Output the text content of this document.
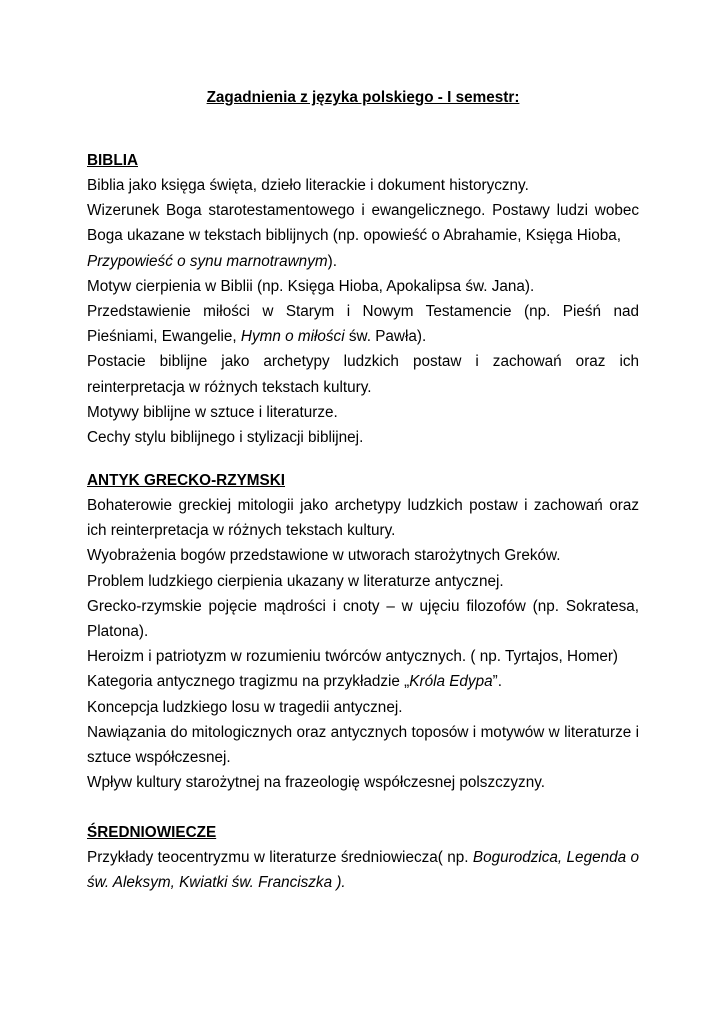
Zagadnienia z języka polskiego - I semestr:
BIBLIA

Biblia jako księga święta, dzieło literackie i dokument historyczny.

Wizerunek Boga starotestamentowego i ewangelicznego. Postawy ludzi wobec Boga ukazane w tekstach biblijnych (np. opowieść o Abrahamie, Księga Hioba,
Przypowieść o synu marnotrawnym).

Motyw cierpienia w Biblii (np. Księga Hioba, Apokalipsa św. Jana).

Przedstawienie miłości w Starym i Nowym Testamencie (np. Pieśń nad Pieśniami, Ewangelie, Hymn o miłości św. Pawła).

Postacie biblijne jako archetypy ludzkich postaw i zachowań oraz ich reinterpretacja w różnych tekstach kultury.

Motywy biblijne w sztuce i literaturze.

Cechy stylu biblijnego i stylizacji biblijnej.

ANTYK GRECKO-RZYMSKI

Bohaterowie greckiej mitologii jako archetypy ludzkich postaw i zachowań oraz ich reinterpretacja w różnych tekstach kultury.

Wyobrażenia bogów przedstawione w utworach starożytnych Greków.

Problem ludzkiego cierpienia ukazany w literaturze antycznej.

Grecko-rzymskie pojęcie mądrości i cnoty – w ujęciu filozofów (np. Sokratesa, Platona).

Heroizm i patriotyzm w rozumieniu twórców antycznych. ( np. Tyrtajos, Homer)

Kategoria antycznego tragizmu na przykładzie „Króla Edypa”.

Koncepcja ludzkiego losu w tragedii antycznej.

Nawiązania do mitologicznych oraz antycznych toposów i motywów w literaturze i sztuce współczesnej.

Wpływ kultury starożytnej na frazeologię współczesnej polszczyzny.

ŚREDNIOWIECZE

Przykłady teocentryzmu w literaturze średniowiecza( np. Bogurodzica, Legenda o św. Aleksym, Kwiatki św. Franciszka ).
